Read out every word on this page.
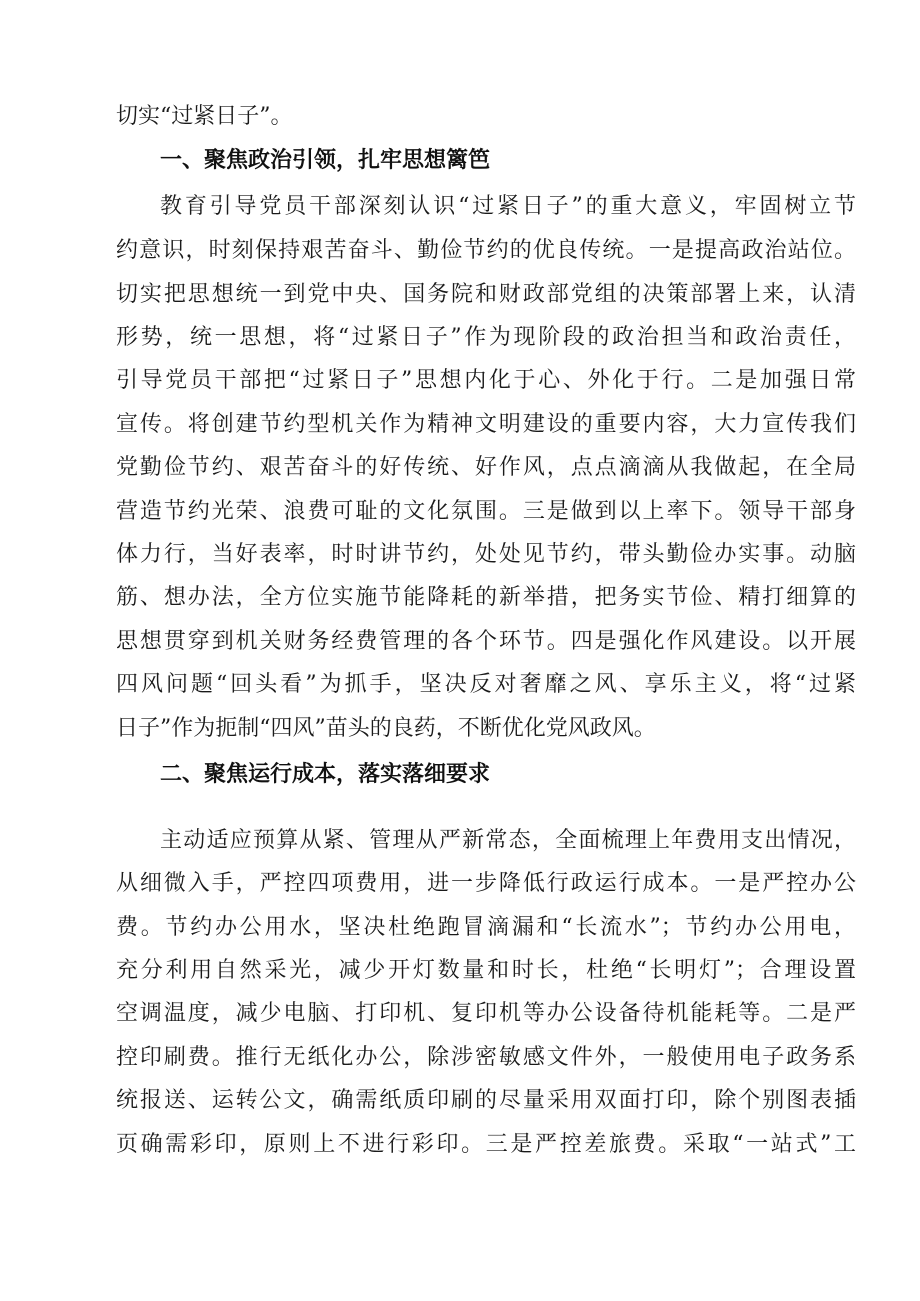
切实“过紧日子”。
一、聚焦政治引领，扎牢思想篱笆
教育引导党员干部深刻认识“过紧日子”的重大意义，牢固树立节
约意识，时刻保持艰苦奋斗、勤俭节约的优良传统。一是提高政治站位。
切实把思想统一到党中央、国务院和财政部党组的决策部署上来，认清
形势，统一思想，将“过紧日子”作为现阶段的政治担当和政治责任，
引导党员干部把“过紧日子”思想内化于心、外化于行。二是加强日常
宣传。将创建节约型机关作为精神文明建设的重要内容，大力宣传我们
党勤俭节约、艰苦奋斗的好传统、好作风，点点滴滴从我做起，在全局
营造节约光荣、浪费可耻的文化氛围。三是做到以上率下。领导干部身
体力行，当好表率，时时讲节约，处处见节约，带头勤俭办实事。动脑
筋、想办法，全方位实施节能降耗的新举措，把务实节俭、精打细算的
思想贯穿到机关财务经费管理的各个环节。四是强化作风建设。以开展
四风问题“回头看”为抓手，坚决反对奢靡之风、享乐主义，将“过紧
日子”作为扼制“四风”苗头的良药，不断优化党风政风。
二、聚焦运行成本，落实落细要求
主动适应预算从紧、管理从严新常态，全面梳理上年费用支出情况，
从细微入手，严控四项费用，进一步降低行政运行成本。一是严控办公
费。节约办公用水，坚决杜绝跑冒滴漏和“长流水”；节约办公用电，
充分利用自然采光，减少开灯数量和时长，杜绝“长明灯”；合理设置
空调温度，减少电脑、打印机、复印机等办公设备待机能耗等。二是严
控印刷费。推行无纸化办公，除涉密敏感文件外，一般使用电子政务系
统报送、运转公文，确需纸质印刷的尽量采用双面打印，除个别图表插
页确需彩印，原则上不进行彩印。三是严控差旅费。采取“一站式”工
